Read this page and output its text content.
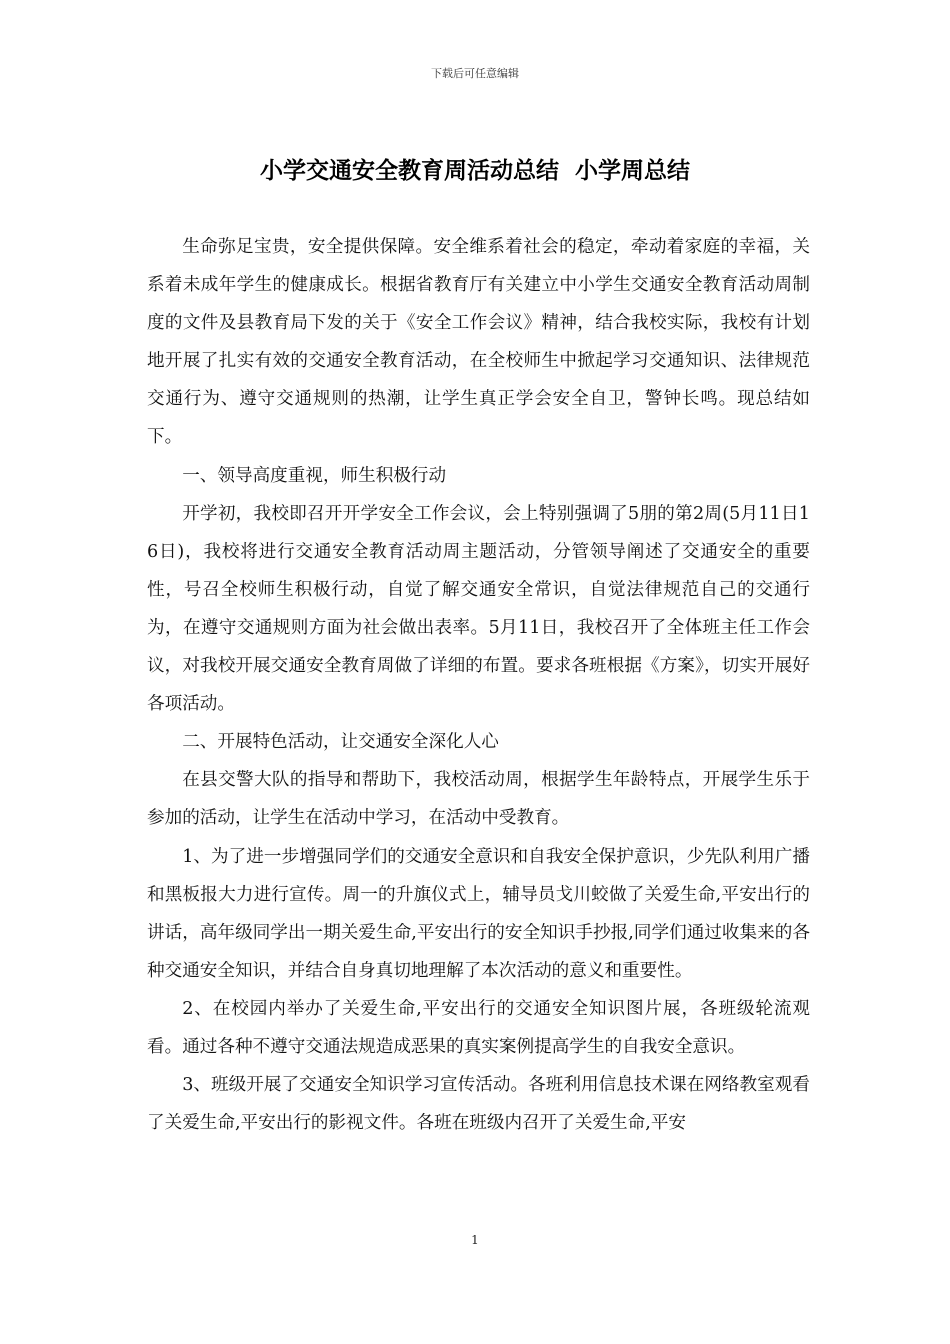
下载后可任意编辑
小学交通安全教育周活动总结  小学周总结

生命弥足宝贵，安全提供保障。安全维系着社会的稳定，牵动着家庭的幸福，关系着未成年学生的健康成长。根据省教育厅有关建立中小学生交通安全教育活动周制度的文件及县教育局下发的关于《安全工作会议》精神，结合我校实际，我校有计划地开展了扎实有效的交通安全教育活动，在全校师生中掀起学习交通知识、法律规范交通行为、遵守交通规则的热潮，让学生真正学会安全自卫，警钟长鸣。现总结如下。

一、领导高度重视，师生积极行动

开学初，我校即召开开学安全工作会议，会上特别强调了5朋的第2周(5月11日16日)，我校将进行交通安全教育活动周主题活动，分管领导阐述了交通安全的重要性，号召全校师生积极行动，自觉了解交通安全常识，自觉法律规范自己的交通行为，在遵守交通规则方面为社会做出表率。5月11日，我校召开了全体班主任工作会议，对我校开展交通安全教育周做了详细的布置。要求各班根据《方案》，切实开展好各项活动。

二、开展特色活动，让交通安全深化人心

在县交警大队的指导和帮助下，我校活动周，根据学生年龄特点，开展学生乐于参加的活动，让学生在活动中学习，在活动中受教育。

1、为了进一步增强同学们的交通安全意识和自我安全保护意识，少先队利用广播和黑板报大力进行宣传。周一的升旗仪式上，辅导员戈川蛟做了关爱生命,平安出行的讲话，高年级同学出一期关爱生命,平安出行的安全知识手抄报,同学们通过收集来的各种交通安全知识，并结合自身真切地理解了本次活动的意义和重要性。

2、在校园内举办了关爱生命,平安出行的交通安全知识图片展，各班级轮流观看。通过各种不遵守交通法规造成恶果的真实案例提高学生的自我安全意识。

3、班级开展了交通安全知识学习宣传活动。各班利用信息技术课在网络教室观看了关爱生命,平安出行的影视文件。各班在班级内召开了关爱生命,平安

1
